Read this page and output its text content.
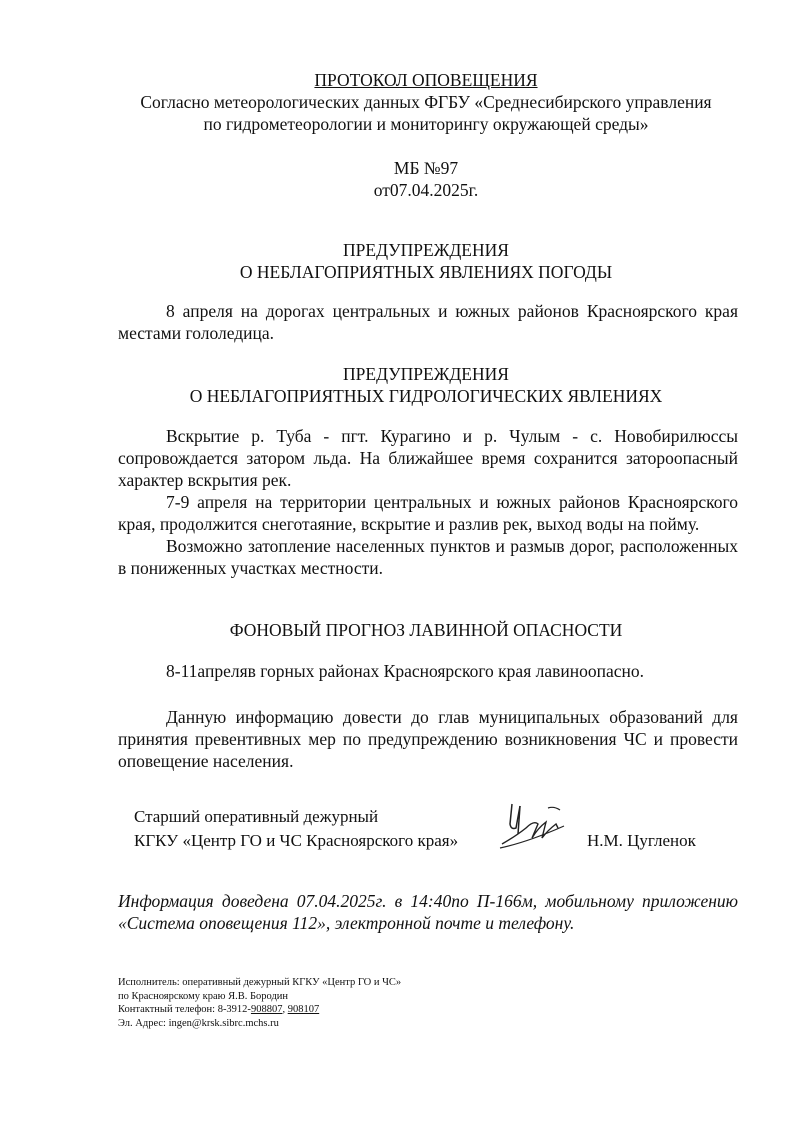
ПРОТОКОЛ ОПОВЕЩЕНИЯ
Согласно метеорологических данных ФГБУ «Среднесибирского управления
по гидрометеорологии и мониторингу окружающей среды»
МБ №97
от07.04.2025г.
ПРЕДУПРЕЖДЕНИЯ
О НЕБЛАГОПРИЯТНЫХ ЯВЛЕНИЯХ ПОГОДЫ

8 апреля на дорогах центральных и южных районов Красноярского края местами гололедица.

ПРЕДУПРЕЖДЕНИЯ
О НЕБЛАГОПРИЯТНЫХ ГИДРОЛОГИЧЕСКИХ ЯВЛЕНИЯХ

Вскрытие р. Туба - пгт. Курагино и р. Чулым - с. Новобирилюссы сопровождается затором льда. На ближайшее время сохранится затороопасный характер вскрытия рек.

7-9 апреля на территории центральных и южных районов Красноярского края, продолжится снеготаяние, вскрытие и разлив рек, выход воды на пойму.

Возможно затопление населенных пунктов и размыв дорог, расположенных в пониженных участках местности.

ФОНОВЫЙ ПРОГНОЗ ЛАВИННОЙ ОПАСНОСТИ

8-11апреляв горных районах Красноярского края лавиноопасно.

Данную информацию довести до глав муниципальных образований для принятия превентивных мер по предупреждению возникновения ЧС и провести оповещение населения.

Старший оперативный дежурный
КГКУ «Центр ГО и ЧС Красноярского края»	Н.М. Цугленок
Информация доведена 07.04.2025г. в 14:40по П-166м, мобильному приложению «Система оповещения 112», электронной почте и телефону.
Исполнитель: оперативный дежурный КГКУ «Центр ГО и ЧС»
по Красноярскому краю Я.В. Бородин
Контактный телефон: 8-3912-908807, 908107
Эл. Адрес: ingen@krsk.sibrc.mchs.ru
